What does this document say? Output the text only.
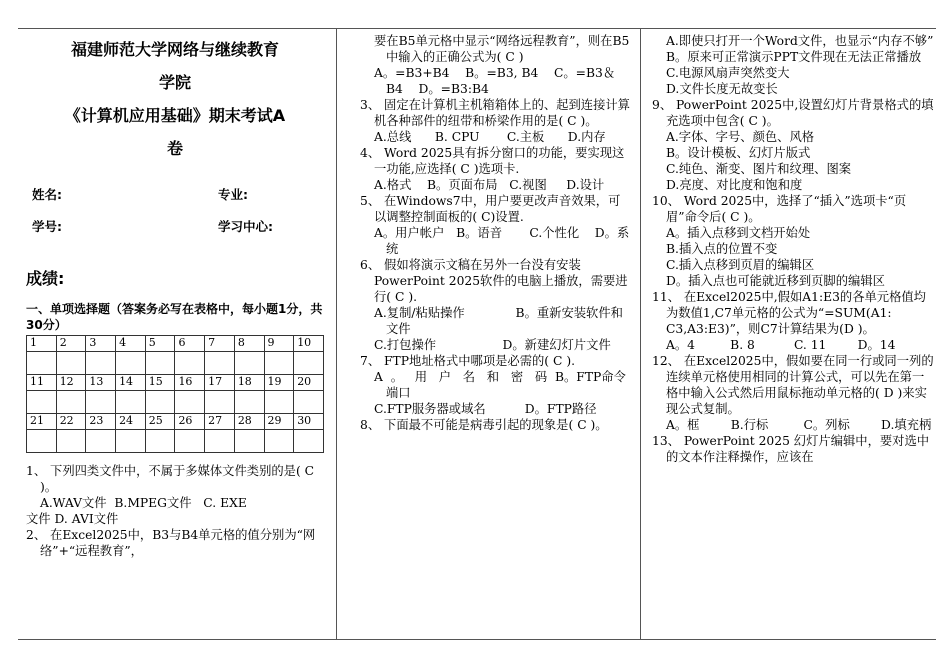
福建师范大学网络与继续教育
学院
《计算机应用基础》期末考试A
卷
姓名:	专业:
学号:	学习中心:
成绩:
一、单项选择题（答案务必写在表格中，每小题1分，共30分）
1	2	3	4	5	6	7	8	9	10

11	12	13	14	15	16	17	18	19	20

21	22	23	24	25	26	27	28	29	30

1、 下列四类文件中，不属于多媒体文件类别的是( C )。

A.WAV文件  B.MPEG文件   C. EXE

文件 D. AVI文件

2、 在Excel2025中，B3与B4单元格的值分别为“网络”+“远程教育”，

要在B5单元格中显示“网络远程教育”，则在B5中输入的正确公式为( C )

A。=B3+B4    B。=B3, B4    C。=B3＆B4    D。=B3:B4

3、 固定在计算机主机箱箱体上的、起到连接计算机各种部件的纽带和桥梁作用的是( C )。

A.总线      B. CPU       C.主板      D.内存

4、 Word 2025具有拆分窗口的功能，要实现这一功能,应选择( C )选项卡.

A.格式    B。页面布局   C.视图     D.设计

5、 在Windows7中，用户要更改声音效果，可以调整控制面板的( C)设置.

A。用户帐户   B。语音       C.个性化    D。系统

6、 假如将演示文稿在另外一台没有安装PowerPoint 2025软件的电脑上播放，需要进行( C ).

A.复制/粘贴操作             B。重新安装软件和文件

C.打包操作                 D。新建幻灯片文件

7、 FTP地址格式中哪项是必需的( C ).

A  。   用   户   名   和   密   码  B。FTP命令端口

C.FTP服务器或域名          D。FTP路径

8、 下面最不可能是病毒引起的现象是( C )。

A.即使只打开一个Word文件，也显示“内存不够”

B。原来可正常演示PPT文件现在无法正常播放

C.电源风扇声突然变大

D.文件长度无故变长

9、 PowerPoint 2025中,设置幻灯片背景格式的填充选项中包含( C )。

A.字体、字号、颜色、风格

B。设计模板、幻灯片版式

C.纯色、渐变、图片和纹理、图案

D.亮度、对比度和饱和度

10、 Word 2025中，选择了“插入”选项卡“页眉”命令后( C )。

A。插入点移到文档开始处

B.插入点的位置不变

C.插入点移到页眉的编辑区

D。插入点也可能就近移到页脚的编辑区

11、 在Excel2025中,假如A1:E3的各单元格值均为数值1,C7单元格的公式为“=SUM(A1: C3,A3:E3)”，则C7计算结果为(D )。

A。4         B. 8          C. 11        D。14

12、 在Excel2025中，假如要在同一行或同一列的连续单元格使用相同的计算公式，可以先在第一格中输入公式然后用鼠标拖动单元格的( D )来实现公式复制。

A。框        B.行标         C。列标        D.填充柄

13、 PowerPoint 2025 幻灯片编辑中，要对选中的文本作注释操作，应该在
